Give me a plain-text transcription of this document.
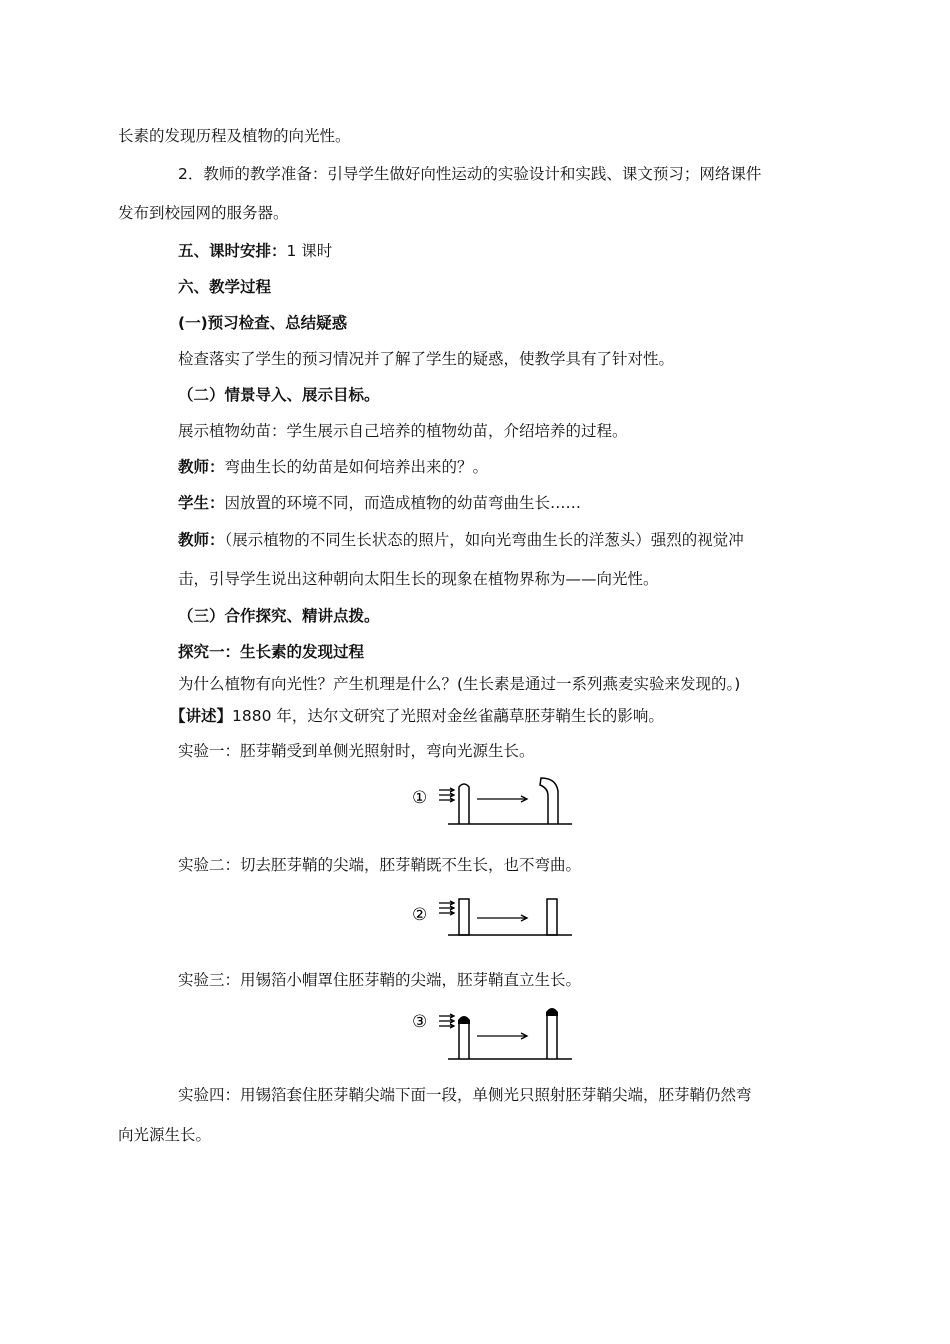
长素的发现历程及植物的向光性。
2．教师的教学准备：引导学生做好向性运动的实验设计和实践、课文预习；网络课件
发布到校园网的服务器。
五、课时安排：1 课时
六、教学过程
(一)预习检查、总结疑惑
检查落实了学生的预习情况并了解了学生的疑惑，使教学具有了针对性。
（二）情景导入、展示目标。
展示植物幼苗：学生展示自己培养的植物幼苗，介绍培养的过程。
教师：弯曲生长的幼苗是如何培养出来的？。
学生：因放置的环境不同，而造成植物的幼苗弯曲生长……
教师：（展示植物的不同生长状态的照片，如向光弯曲生长的洋葱头）强烈的视觉冲
击，引导学生说出这种朝向太阳生长的现象在植物界称为——向光性。
（三）合作探究、精讲点拨。
探究一：生长素的发现过程
为什么植物有向光性？产生机理是什么？(生长素是通过一系列燕麦实验来发现的。)
【讲述】1880 年，达尔文研究了光照对金丝雀虉草胚芽鞘生长的影响。
实验一：胚芽鞘受到单侧光照射时，弯向光源生长。
①
实验二：切去胚芽鞘的尖端，胚芽鞘既不生长，也不弯曲。
②
实验三：用锡箔小帽罩住胚芽鞘的尖端，胚芽鞘直立生长。
③
实验四：用锡箔套住胚芽鞘尖端下面一段，单侧光只照射胚芽鞘尖端，胚芽鞘仍然弯
向光源生长。
